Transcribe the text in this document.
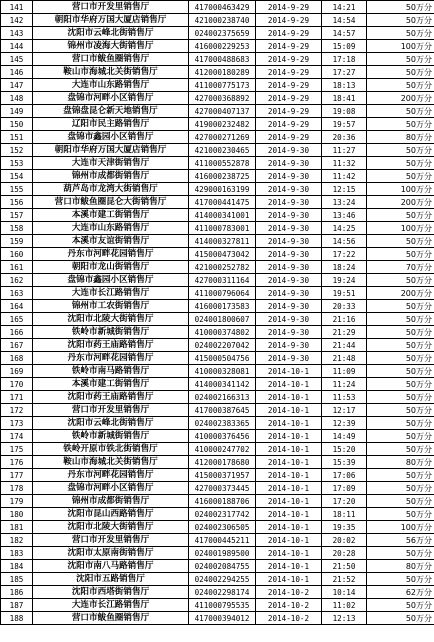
141	营口市开发里销售厅	417000463429	2014-9-29	14:21	50万分
142	朝阳市华府万国大厦店销售厅	421000238740	2014-9-29	14:54	50万分
143	沈阳市云峰北街销售厅	024002375659	2014-9-29	14:57	50万分
144	锦州市凌海大街销售厅	416000229253	2014-9-29	15:09	100万分
145	营口市鲅鱼圈销售厅	417000488683	2014-9-29	17:18	50万分
146	鞍山市海城北关街销售厅	412000180289	2014-9-29	17:27	50万分
147	大连市山东路销售厅	411000775173	2014-9-29	18:13	50万分
148	盘锦市河畔小区销售厅	427000368892	2014-9-29	18:41	200万分
149	盘锦盘昆仑新天地销售厅	427000407137	2014-9-29	19:08	50万分
150	辽阳市民主路销售厅	419000232482	2014-9-29	19:57	50万分
151	盘锦市鑫园小区销售厅	427000271269	2014-9-29	20:36	80万分
152	朝阳市华府万国大厦店销售厅	421000230465	2014-9-30	11:27	50万分
153	大连市天津街销售厅	411000552878	2014-9-30	11:32	50万分
154	锦州市成都街销售厅	416000238725	2014-9-30	11:42	50万分
155	葫芦岛市龙湾大街销售厅	429000163199	2014-9-30	12:15	100万分
156	营口市鲅鱼圈昆仑大街销售厅	417000441475	2014-9-30	13:24	200万分
157	本溪市建工街销售厅	414000341001	2014-9-30	13:46	50万分
158	大连市山东路销售厅	411000783001	2014-9-30	14:25	100万分
159	本溪市友谊街销售厅	414000327811	2014-9-30	14:56	50万分
160	丹东市河畔花园销售厅	415000473042	2014-9-30	17:22	50万分
161	朝阳市龙山街销售厅	421000252782	2014-9-30	18:24	70万分
162	盘锦市鑫园小区销售厅	427000311164	2014-9-30	19:24	50万分
163	大连市长江路销售厅	411000796064	2014-9-30	19:51	200万分
164	锦州市工农街销售厅	416000173583	2014-9-30	20:33	50万分
165	沈阳市北陵大街销售厅	024001800607	2014-9-30	21:16	50万分
166	铁岭市新城街销售厅	410000374802	2014-9-30	21:29	50万分
167	沈阳市药王庙路销售厅	024002207042	2014-9-30	21:44	50万分
168	丹东市河畔花园销售厅	415000504756	2014-9-30	21:48	50万分
169	铁岭市南马路销售厅	410000328081	2014-10-1	11:09	50万分
170	本溪市建工街销售厅	414000341142	2014-10-1	11:24	50万分
171	沈阳市药王庙路销售厅	024002166313	2014-10-1	11:53	50万分
172	营口市开发里销售厅	417000387645	2014-10-1	12:17	50万分
173	沈阳市云峰北街销售厅	024002383365	2014-10-1	12:39	50万分
174	铁岭市新城街销售厅	410000376456	2014-10-1	14:49	50万分
175	铁岭开原市铁北街销售厅	410000247702	2014-10-1	15:20	50万分
176	鞍山市海城北关街销售厅	412000178680	2014-10-1	15:39	80万分
177	丹东市河畔花园销售厅	415000371957	2014-10-1	17:06	50万分
178	盘锦市河畔小区销售厅	427000373445	2014-10-1	17:09	50万分
179	锦州市成都街销售厅	416000188706	2014-10-1	17:20	50万分
180	沈阳市昆山西路销售厅	024002317742	2014-10-1	18:11	50万分
181	沈阳市北陵大街销售厅	024002306505	2014-10-1	19:35	100万分
182	营口市开发里销售厅	417000445211	2014-10-1	20:02	56万分
183	沈阳市太原南街销售厅	024001989500	2014-10-1	20:28	50万分
184	沈阳市南八马路销售厅	024002084755	2014-10-1	21:50	80万分
185	沈阳市五路销售厅	024002294255	2014-10-1	21:52	50万分
186	沈阳市西塔街销售厅	024002298174	2014-10-2	10:14	62万分
187	大连市长江路销售厅	411000795535	2014-10-2	11:02	50万分
188	营口市鲅鱼圈销售厅	417000394012	2014-10-2	12:13	50万分
